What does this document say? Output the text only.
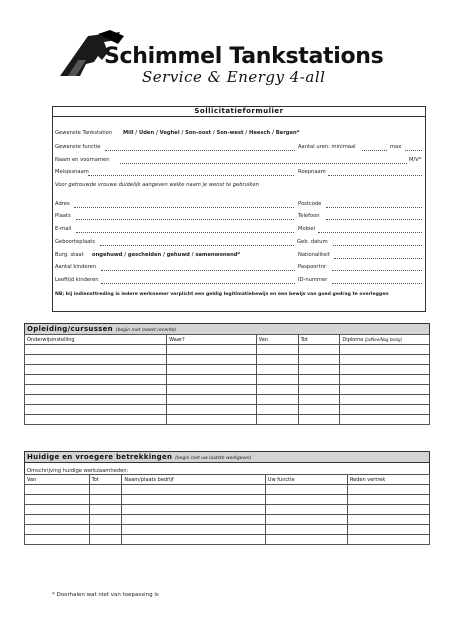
Schimmel Tankstations
Service & Energy 4-all
Sollicitatieformulier
Gewenste Tankstation Mill / Uden / Veghel / Son-oost / Son-west / Heesch / Bergen*
Gewenste functie	Aantal uren: minimaal	max
Naam en voornamen	M/V*
Meisjesnaam	Roepnaam
Voor getrouwde vrouwe duidelijk aangeven welke naam je wenst te gebruiken
Adres	Postcode
Plaats	Telefoon
E-mail	Mobiel
Geboorteplaats	Geb. datum
Burg. staat ongehuwd / gescheiden / gehuwd / samenwonend*	Nationaliteit
Aantal kinderen	Paspoortnr
Leeftijd kinderen	ID-nummer
NB; bij indiensttreding is iedere werknemer verplicht een geldig legitimatiebewijs en een bewijs van goed gedrag te overleggen
Opleiding/cursussen (begin met meest recente)
Onderwijsinstelling	Waar?	Van	Tot	Diploma (Ja/Nee/Nog bezig)

Huidige en vroegere betrekkingen (begin met uw laatste werkgever)
Omschrijving huidige werkzaamheden:
Van	Tot	Naam/plaats bedrijf	Uw functie	Reden vertrek

* Doorhalen wat niet van toepassing is
